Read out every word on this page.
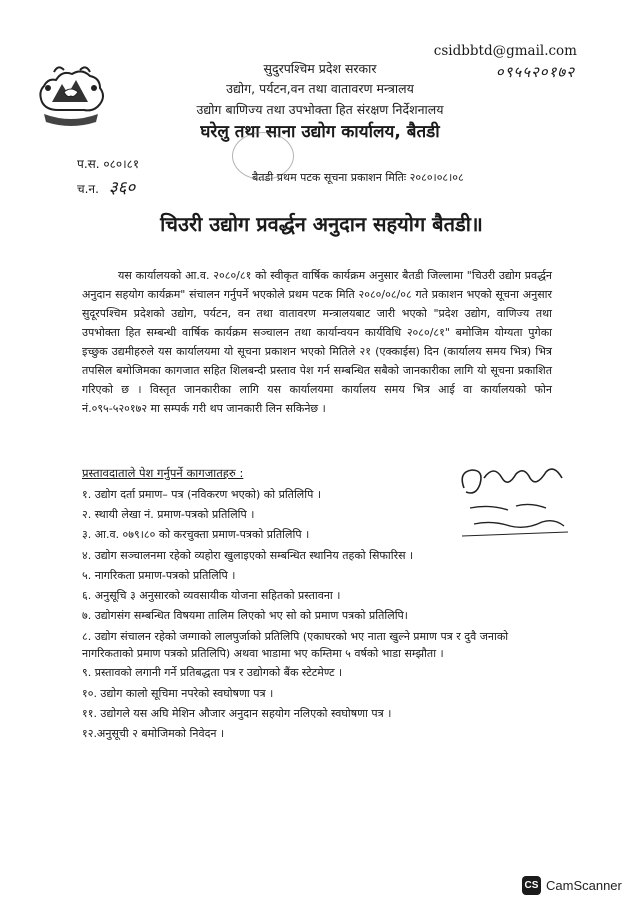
csidbbtd@gmail.com
०९५५२०१७२
सुदुरपश्चिम प्रदेश सरकार
उद्योग, पर्यटन,वन तथा वातावरण मन्त्रालय
उद्योग बाणिज्य तथा उपभोक्ता हित संरक्षण निर्देशनालय
घरेलु तथा साना उद्योग कार्यालय, बैतडी
प.स. ०८०।८१
च.न. ३६०
बैतडी प्रथम पटक सूचना प्रकाशन मितिः २०८०।०८।०८
चिउरी उद्योग प्रवर्द्धन अनुदान सहयोग बैतडी॥
यस कार्यालयको आ.व. २०८०/८१ को स्वीकृत वार्षिक कार्यक्रम अनुसार बैतडी जिल्लामा "चिउरी उद्योग प्रवर्द्धन अनुदान सहयोग कार्यक्रम" संचालन गर्नुपर्ने भएकोले प्रथम पटक मिति २०८०/०८/०८ गते प्रकाशन भएको सूचना अनुसार सुदूरपश्चिम प्रदेशको उद्योग, पर्यटन, वन तथा वातावरण मन्त्रालयबाट जारी भएको "प्रदेश उद्योग, वाणिज्य तथा उपभोक्ता हित सम्बन्धी वार्षिक कार्यक्रम सञ्चालन तथा कार्यान्वयन कार्यविधि २०८०/८१" बमोजिम योग्यता पुगेका इच्छुक उद्यमीहरुले यस कार्यालयमा यो सूचना प्रकाशन भएको मितिले २१ (एक्काईस) दिन (कार्यालय समय भित्र) भित्र तपसिल बमोजिमका कागजात सहित शिलबन्दी प्रस्ताव पेश गर्न सम्बन्धित सबैको जानकारीका लागि यो सूचना प्रकाशित गरिएको छ । विस्तृत जानकारीका लागि यस कार्यालयमा कार्यालय समय भित्र आई वा कार्यालयको फोन नं.०९५-५२०१७२ मा सम्पर्क गरी थप जानकारी लिन सकिनेछ ।
प्रस्तावदाताले पेश गर्नुपर्ने कागजातहरु :
१. उद्योग दर्ता प्रमाण– पत्र (नविकरण भएको) को प्रतिलिपि ।
२. स्थायी लेखा नं. प्रमाण-पत्रको प्रतिलिपि ।
३. आ.व. ०७९।८० को करचुक्ता प्रमाण-पत्रको प्रतिलिपि ।
४. उद्योग सञ्चालनमा रहेको व्यहोरा खुलाइएको सम्बन्धित स्थानिय तहको सिफारिस ।
५. नागरिकता प्रमाण-पत्रको प्रतिलिपि ।
६. अनुसूचि ३ अनुसारको व्यवसायीक योजना सहितको प्रस्तावना ।
७. उद्योगसंग सम्बन्धित विषयमा तालिम लिएको भए सो को प्रमाण पत्रको प्रतिलिपि।
८. उद्योग संचालन रहेको जग्गाको लालपुर्जाको प्रतिलिपि (एकाघरको भए नाता खुल्ने प्रमाण पत्र र दुवै जनाको नागरिकताको प्रमाण पत्रको प्रतिलिपि) अथवा भाडामा भए कम्तिमा ५ वर्षको भाडा सम्झौता ।
९. प्रस्तावको लगानी गर्ने प्रतिबद्धता पत्र र उद्योगको बैंक स्टेटमेण्ट ।
१०. उद्योग कालो सूचिमा नपरेको स्वघोषणा पत्र ।
११. उद्योगले यस अघि मेशिन औजार अनुदान सहयोग नलिएको स्वघोषणा पत्र ।
१२.अनुसूची २ बमोजिमको निवेदन ।
CS CamScanner
